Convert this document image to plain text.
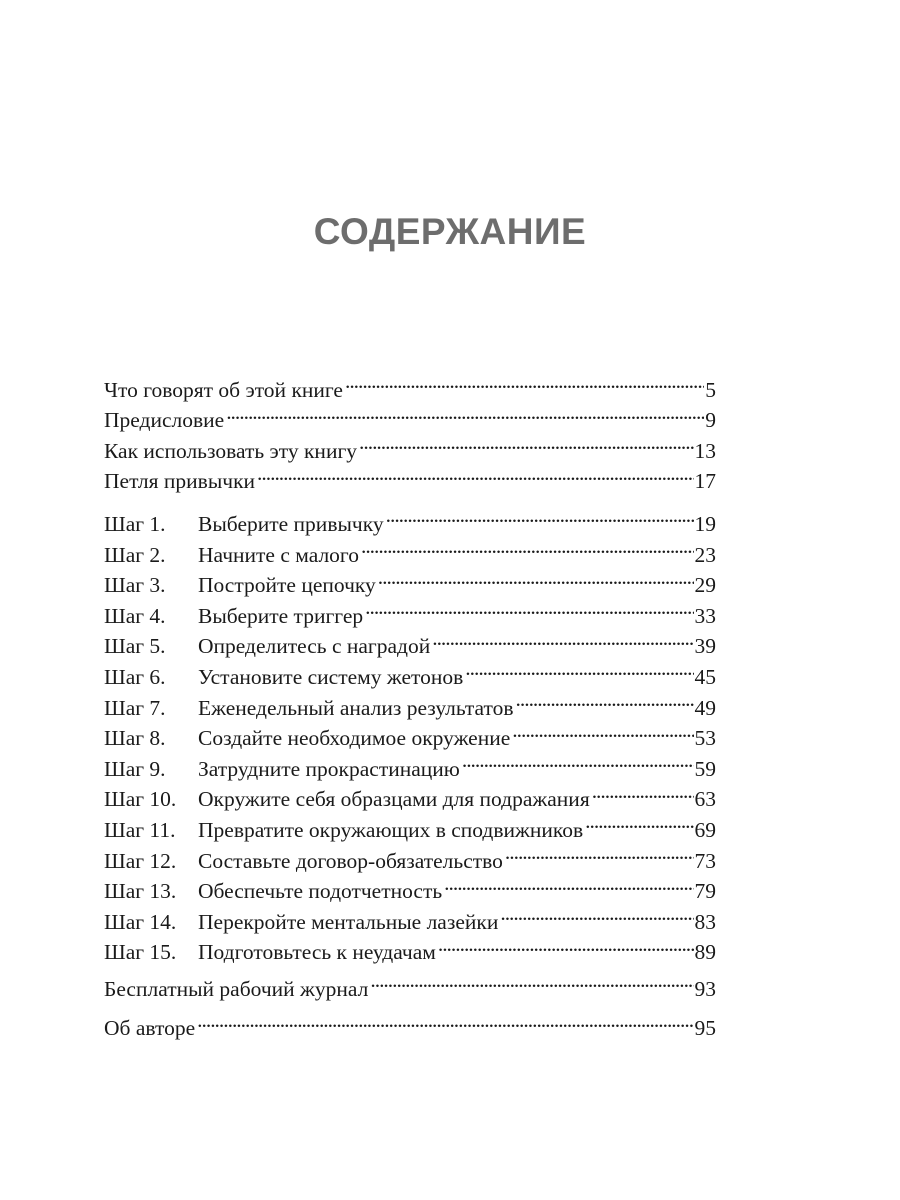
СОДЕРЖАНИЕ
Что говорят об этой книге . . .	5
Предисловие . . .	9
Как использовать эту книгу . . .	13
Петля привычки . . .	17
Шаг 1.	Выберите привычку . . .	19
Шаг 2.	Начните с малого . . .	23
Шаг 3.	Постройте цепочку . . .	29
Шаг 4.	Выберите триггер . . .	33
Шаг 5.	Определитесь с наградой . . .	39
Шаг 6.	Установите систему жетонов . . .	45
Шаг 7.	Еженедельный анализ результатов . . .	49
Шаг 8.	Создайте необходимое окружение . . .	53
Шаг 9.	Затрудните прокрастинацию . . .	59
Шаг 10.	Окружите себя образцами для подражания . . .	63
Шаг 11.	Превратите окружающих в сподвижников . . .	69
Шаг 12.	Составьте договор-обязательство . . .	73
Шаг 13.	Обеспечьте подотчетность . . .	79
Шаг 14.	Перекройте ментальные лазейки . . .	83
Шаг 15.	Подготовьтесь к неудачам . . .	89
Бесплатный рабочий журнал . . .	93
Об авторе . . .	95
